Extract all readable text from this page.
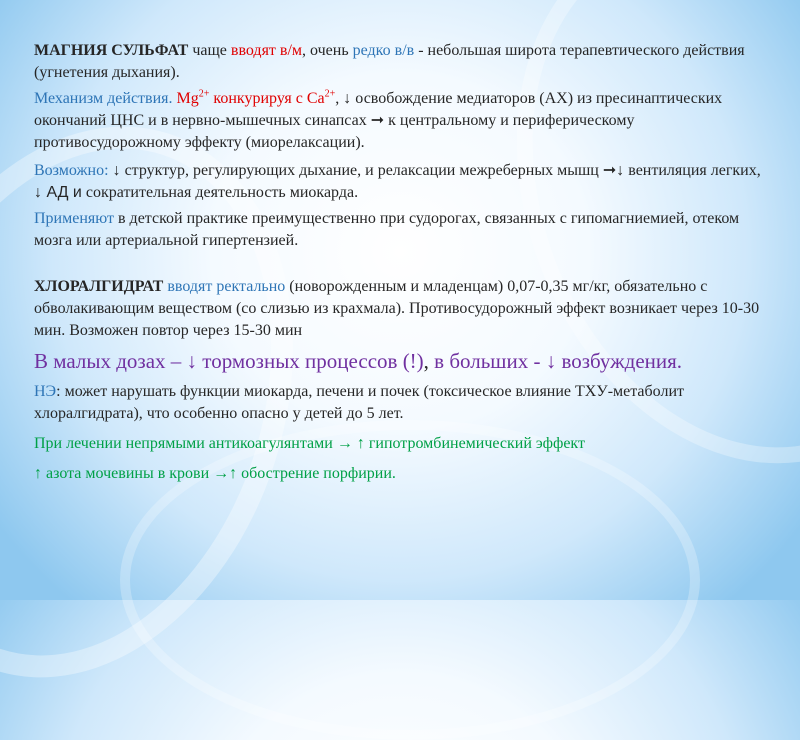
МАГНИЯ СУЛЬФАТ чаще вводят в/м, очень редко в/в - небольшая широта терапевтического действия (угнетения дыхания).

Механизм действия. $Mg^{2+}$ конкурируя с $Ca^{2+}$, ↓ освобождение медиаторов (АХ) из пресинаптических окончаний ЦНС и в нервно-мышечных синапсах ➞ к центральному и периферическому противосудорожному эффекту (миорелаксации).

Возможно: ↓ структур, регулирующих дыхание, и релаксации межреберных мышц ➞↓ вентиляция легких, ↓ АД и сократительная деятельность миокарда.

Применяют в детской практике преимущественно при судорогах, связанных с гипомагниемией, отеком мозга или артериальной гипертензией.

ХЛОРАЛГИДРАТ вводят ректально (новорожденным и младенцам) 0,07-0,35 мг/кг, обязательно с обволакивающим веществом (со слизью из крахмала). Противосудорожный эффект возникает через 10-30 мин. Возможен повтор через 15-30 мин

В малых дозах – ↓ тормозных процессов (!), в больших - ↓ возбуждения.

НЭ: может нарушать функции миокарда, печени и почек (токсическое влияние ТХУ-метаболит хлоралгидрата), что особенно опасно у детей до 5 лет.

При лечении непрямыми антикоагулянтами → ↑ гипотромбинемический эффект

↑ азота мочевины в крови →↑ обострение порфирии.
